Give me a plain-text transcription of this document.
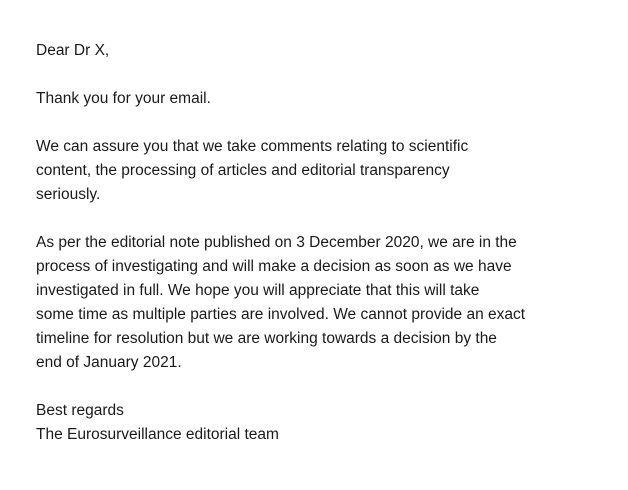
Dear Dr X,

Thank you for your email.

We can assure you that we take comments relating to scientific
content, the processing of articles and editorial transparency
seriously.

As per the editorial note published on 3 December 2020, we are in the
process of investigating and will make a decision as soon as we have
investigated in full. We hope you will appreciate that this will take
some time as multiple parties are involved. We cannot provide an exact
timeline for resolution but we are working towards a decision by the
end of January 2021.

Best regards
The Eurosurveillance editorial team
